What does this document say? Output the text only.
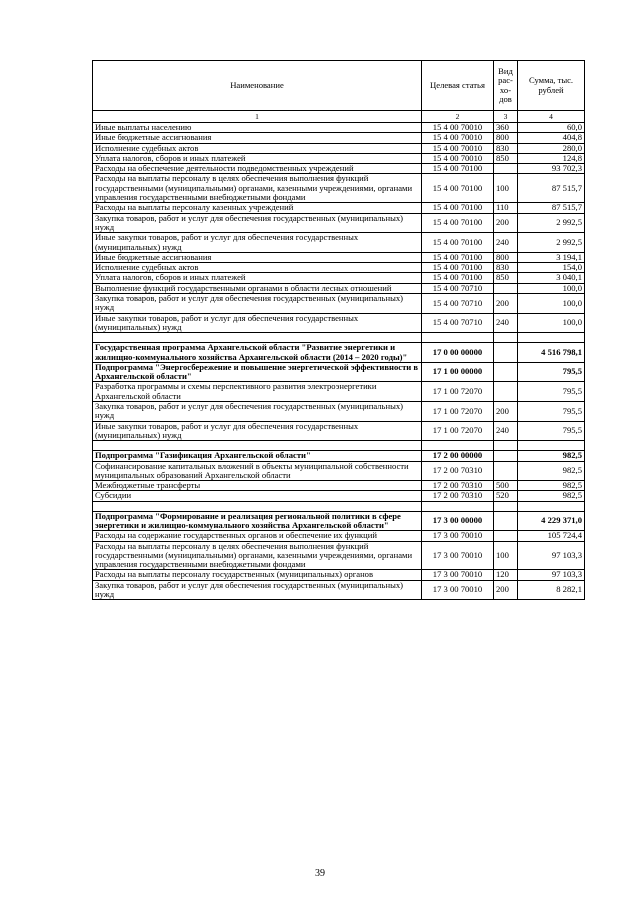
Наименование	Целевая статья	Вид рас-хо-дов	Сумма, тыс. рублей
1	2	3	4
Иные выплаты населению	15 4 00 70010	360	60,0
Иные бюджетные ассигнования	15 4 00 70010	800	404,8
Исполнение судебных актов	15 4 00 70010	830	280,0
Уплата налогов, сборов и иных платежей	15 4 00 70010	850	124,8
Расходы на обеспечение деятельности подведомственных учреждений	15 4 00 70100		93 702,3
Расходы на выплаты персоналу в целях обеспечения выполнения функций государственными (муниципальными) органами, казенными учреждениями, органами управления государственными внебюджетными фондами	15 4 00 70100	100	87 515,7
Расходы на выплаты персоналу казенных учреждений	15 4 00 70100	110	87 515,7
Закупка товаров, работ и услуг для обеспечения государственных (муниципальных) нужд	15 4 00 70100	200	2 992,5
Иные закупки товаров, работ и услуг для обеспечения государственных (муниципальных) нужд	15 4 00 70100	240	2 992,5
Иные бюджетные ассигнования	15 4 00 70100	800	3 194,1
Исполнение судебных актов	15 4 00 70100	830	154,0
Уплата налогов, сборов и иных платежей	15 4 00 70100	850	3 040,1
Выполнение функций государственными органами в области лесных отношений	15 4 00 70710		100,0
Закупка товаров, работ и услуг для обеспечения государственных (муниципальных) нужд	15 4 00 70710	200	100,0
Иные закупки товаров, работ и услуг для обеспечения государственных (муниципальных) нужд	15 4 00 70710	240	100,0

Государственная программа Архангельской области "Развитие энергетики и жилищно-коммунального хозяйства Архангельской области (2014 – 2020 годы)"	17 0 00 00000		4 516 798,1
Подпрограмма "Энергосбережение и повышение энергетической эффективности в Архангельской области"	17 1 00 00000		795,5
Разработка программы и схемы перспективного развития электроэнергетики Архангельской области	17 1 00 72070		795,5
Закупка товаров, работ и услуг для обеспечения государственных (муниципальных) нужд	17 1 00 72070	200	795,5
Иные закупки товаров, работ и услуг для обеспечения государственных (муниципальных) нужд	17 1 00 72070	240	795,5

Подпрограмма "Газификация Архангельской области"	17 2 00 00000		982,5
Софинансирование капитальных вложений в объекты муниципальной собственности муниципальных образований Архангельской области	17 2 00 70310		982,5
Межбюджетные трансферты	17 2 00 70310	500	982,5
Субсидии	17 2 00 70310	520	982,5

Подпрограмма "Формирование и реализация региональной политики в сфере энергетики и жилищно-коммунального хозяйства Архангельской области"	17 3 00 00000		4 229 371,0
Расходы на содержание государственных органов и обеспечение их функций	17 3 00 70010		105 724,4
Расходы на выплаты персоналу в целях обеспечения выполнения функций государственными (муниципальными) органами, казенными учреждениями, органами управления государственными внебюджетными фондами	17 3 00 70010	100	97 103,3
Расходы на выплаты персоналу государственных (муниципальных) органов	17 3 00 70010	120	97 103,3
Закупка товаров, работ и услуг для обеспечения государственных (муниципальных) нужд	17 3 00 70010	200	8 282,1
39
